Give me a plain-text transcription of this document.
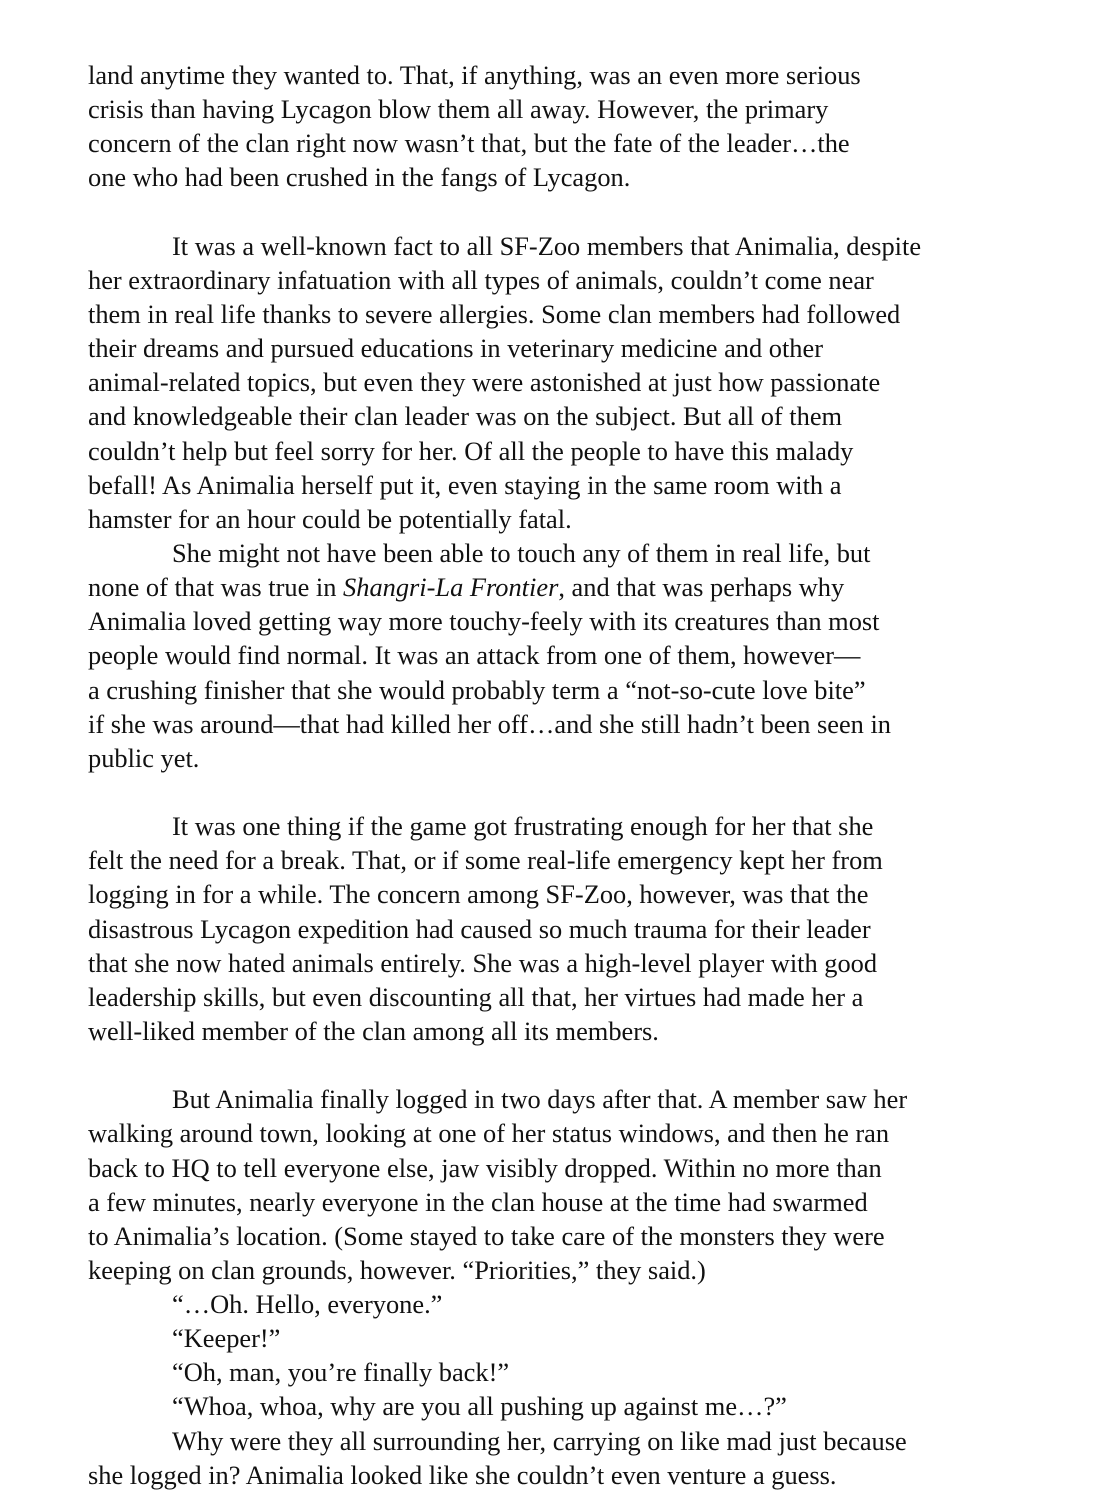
land anytime they wanted to. That, if anything, was an even more serious
crisis than having Lycagon blow them all away. However, the primary
concern of the clan right now wasn’t that, but the fate of the leader…the
one who had been crushed in the fangs of Lycagon.

It was a well-known fact to all SF-Zoo members that Animalia, despite
her extraordinary infatuation with all types of animals, couldn’t come near
them in real life thanks to severe allergies. Some clan members had followed
their dreams and pursued educations in veterinary medicine and other
animal-related topics, but even they were astonished at just how passionate
and knowledgeable their clan leader was on the subject. But all of them
couldn’t help but feel sorry for her. Of all the people to have this malady
befall! As Animalia herself put it, even staying in the same room with a
hamster for an hour could be potentially fatal.

She might not have been able to touch any of them in real life, but
none of that was true in Shangri-La Frontier, and that was perhaps why
Animalia loved getting way more touchy-feely with its creatures than most
people would find normal. It was an attack from one of them, however—
a crushing finisher that she would probably term a “not-so-cute love bite”
if she was around—that had killed her off…and she still hadn’t been seen in
public yet.

It was one thing if the game got frustrating enough for her that she
felt the need for a break. That, or if some real-life emergency kept her from
logging in for a while. The concern among SF-Zoo, however, was that the
disastrous Lycagon expedition had caused so much trauma for their leader
that she now hated animals entirely. She was a high-level player with good
leadership skills, but even discounting all that, her virtues had made her a
well-liked member of the clan among all its members.

But Animalia finally logged in two days after that. A member saw her
walking around town, looking at one of her status windows, and then he ran
back to HQ to tell everyone else, jaw visibly dropped. Within no more than
a few minutes, nearly everyone in the clan house at the time had swarmed
to Animalia’s location. (Some stayed to take care of the monsters they were
keeping on clan grounds, however. “Priorities,” they said.)

“…Oh. Hello, everyone.”

“Keeper!”

“Oh, man, you’re finally back!”

“Whoa, whoa, why are you all pushing up against me…?”

Why were they all surrounding her, carrying on like mad just because
she logged in? Animalia looked like she couldn’t even venture a guess.
